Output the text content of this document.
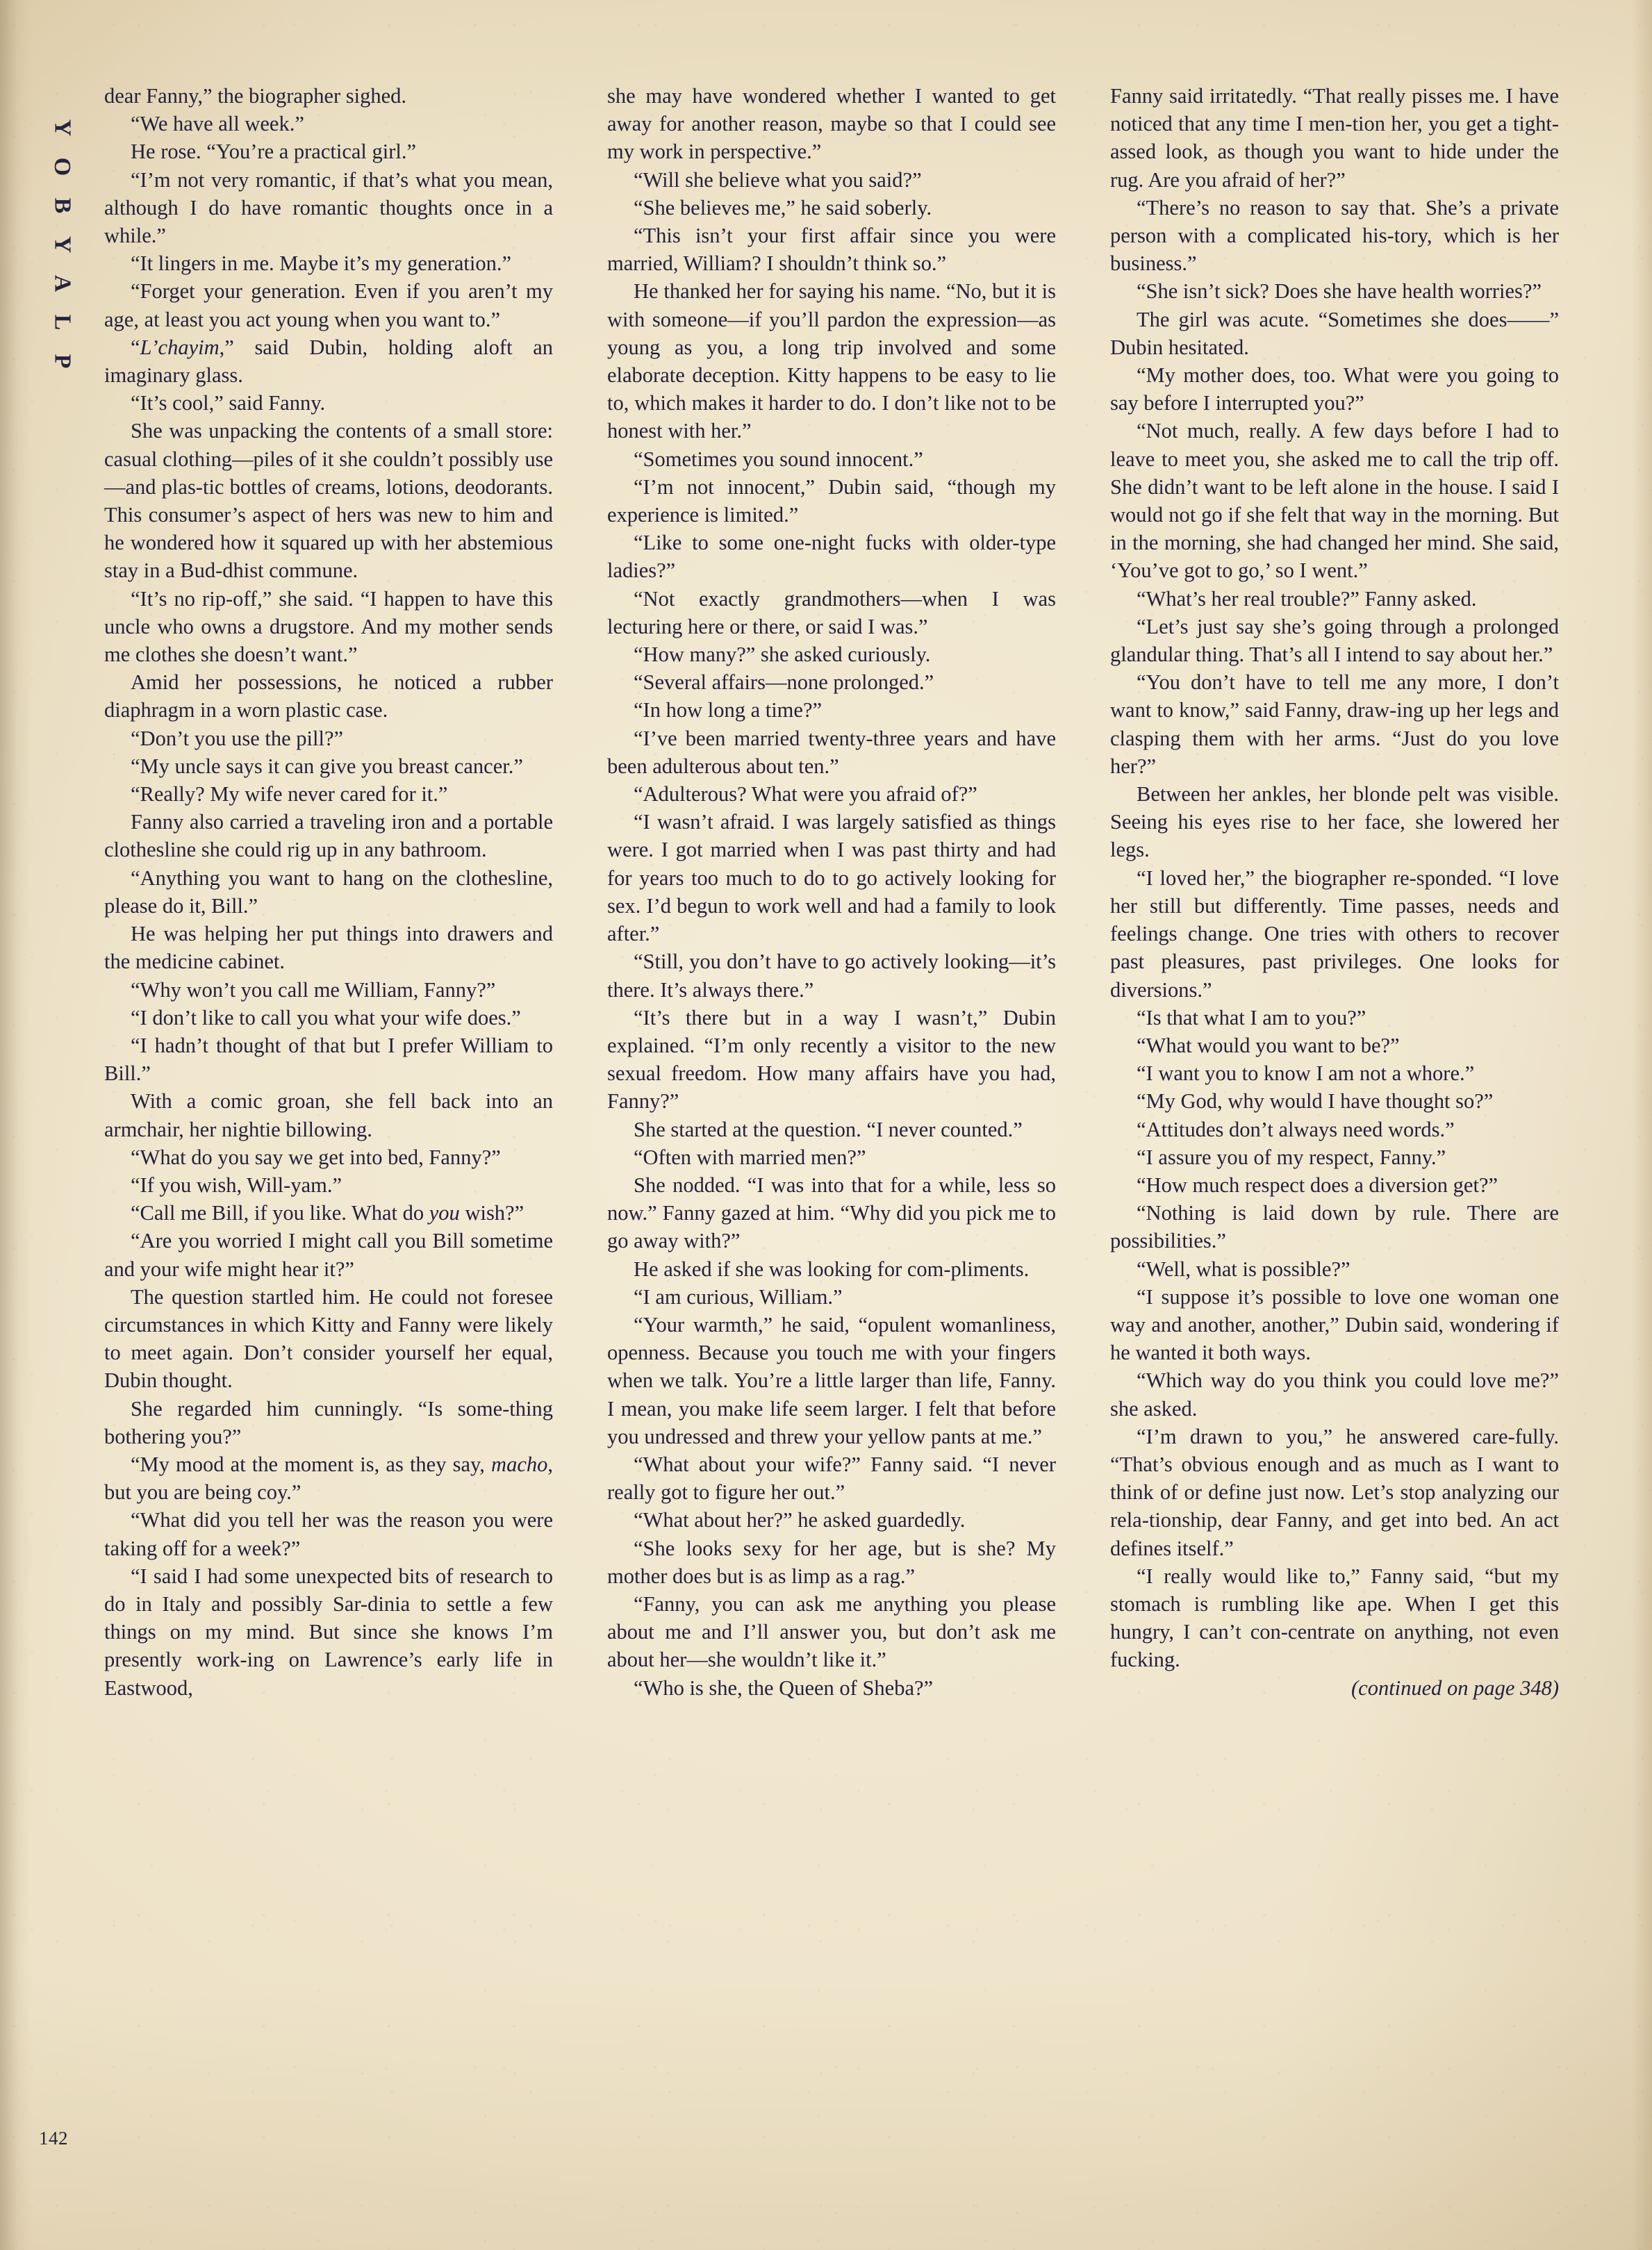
P
L
A
Y
B
O
Y

dear Fanny,” the biographer sighed.

“We have all week.”

He rose. “You’re a practical girl.”

“I’m not very romantic, if that’s what you mean, although I do have romantic thoughts once in a while.”

“It lingers in me. Maybe it’s my generation.”

“Forget your generation. Even if you aren’t my age, at least you act young when you want to.”

“L’chayim,” said Dubin, holding aloft an imaginary glass.

“It’s cool,” said Fanny.

She was unpacking the contents of a small store: casual clothing—piles of it she couldn’t possibly use—and plas-tic bottles of creams, lotions, deodorants. This consumer’s aspect of hers was new to him and he wondered how it squared up with her abstemious stay in a Bud-dhist commune.

“It’s no rip-off,” she said. “I happen to have this uncle who owns a drugstore. And my mother sends me clothes she doesn’t want.”

Amid her possessions, he noticed a rubber diaphragm in a worn plastic case.

“Don’t you use the pill?”

“My uncle says it can give you breast cancer.”

“Really? My wife never cared for it.”

Fanny also carried a traveling iron and a portable clothesline she could rig up in any bathroom.

“Anything you want to hang on the clothesline, please do it, Bill.”

He was helping her put things into drawers and the medicine cabinet.

“Why won’t you call me William, Fanny?”

“I don’t like to call you what your wife does.”

“I hadn’t thought of that but I prefer William to Bill.”

With a comic groan, she fell back into an armchair, her nightie billowing.

“What do you say we get into bed, Fanny?”

“If you wish, Will-yam.”

“Call me Bill, if you like. What do you wish?”

“Are you worried I might call you Bill sometime and your wife might hear it?”

The question startled him. He could not foresee circumstances in which Kitty and Fanny were likely to meet again. Don’t consider yourself her equal, Dubin thought.

She regarded him cunningly. “Is some-thing bothering you?”

“My mood at the moment is, as they say, macho, but you are being coy.”

“What did you tell her was the reason you were taking off for a week?”

“I said I had some unexpected bits of research to do in Italy and possibly Sar-dinia to settle a few things on my mind. But since she knows I’m presently work-ing on Lawrence’s early life in Eastwood,

she may have wondered whether I wanted to get away for another reason, maybe so that I could see my work in perspective.”

“Will she believe what you said?”

“She believes me,” he said soberly.

“This isn’t your first affair since you were married, William? I shouldn’t think so.”

He thanked her for saying his name. “No, but it is with someone—if you’ll pardon the expression—as young as you, a long trip involved and some elaborate deception. Kitty happens to be easy to lie to, which makes it harder to do. I don’t like not to be honest with her.”

“Sometimes you sound innocent.”

“I’m not innocent,” Dubin said, “though my experience is limited.”

“Like to some one-night fucks with older-type ladies?”

“Not exactly grandmothers—when I was lecturing here or there, or said I was.”

“How many?” she asked curiously.

“Several affairs—none prolonged.”

“In how long a time?”

“I’ve been married twenty-three years and have been adulterous about ten.”

“Adulterous? What were you afraid of?”

“I wasn’t afraid. I was largely satisfied as things were. I got married when I was past thirty and had for years too much to do to go actively looking for sex. I’d begun to work well and had a family to look after.”

“Still, you don’t have to go actively looking—it’s there. It’s always there.”

“It’s there but in a way I wasn’t,” Dubin explained. “I’m only recently a visitor to the new sexual freedom. How many affairs have you had, Fanny?”

She started at the question. “I never counted.”

“Often with married men?”

She nodded. “I was into that for a while, less so now.” Fanny gazed at him. “Why did you pick me to go away with?”

He asked if she was looking for com-pliments.

“I am curious, William.”

“Your warmth,” he said, “opulent womanliness, openness. Because you touch me with your fingers when we talk. You’re a little larger than life, Fanny. I mean, you make life seem larger. I felt that before you undressed and threw your yellow pants at me.”

“What about your wife?” Fanny said. “I never really got to figure her out.”

“What about her?” he asked guardedly.

“She looks sexy for her age, but is she? My mother does but is as limp as a rag.”

“Fanny, you can ask me anything you please about me and I’ll answer you, but don’t ask me about her—she wouldn’t like it.”

“Who is she, the Queen of Sheba?”

Fanny said irritatedly. “That really pisses me. I have noticed that any time I men-tion her, you get a tight-assed look, as though you want to hide under the rug. Are you afraid of her?”

“There’s no reason to say that. She’s a private person with a complicated his-tory, which is her business.”

“She isn’t sick? Does she have health worries?”

The girl was acute. “Sometimes she does——” Dubin hesitated.

“My mother does, too. What were you going to say before I interrupted you?”

“Not much, really. A few days before I had to leave to meet you, she asked me to call the trip off. She didn’t want to be left alone in the house. I said I would not go if she felt that way in the morning. But in the morning, she had changed her mind. She said, ‘You’ve got to go,’ so I went.”

“What’s her real trouble?” Fanny asked.

“Let’s just say she’s going through a prolonged glandular thing. That’s all I intend to say about her.”

“You don’t have to tell me any more, I don’t want to know,” said Fanny, draw-ing up her legs and clasping them with her arms. “Just do you love her?”

Between her ankles, her blonde pelt was visible. Seeing his eyes rise to her face, she lowered her legs.

“I loved her,” the biographer re-sponded. “I love her still but differently. Time passes, needs and feelings change. One tries with others to recover past pleasures, past privileges. One looks for diversions.”

“Is that what I am to you?”

“What would you want to be?”

“I want you to know I am not a whore.”

“My God, why would I have thought so?”

“Attitudes don’t always need words.”

“I assure you of my respect, Fanny.”

“How much respect does a diversion get?”

“Nothing is laid down by rule. There are possibilities.”

“Well, what is possible?”

“I suppose it’s possible to love one woman one way and another, another,” Dubin said, wondering if he wanted it both ways.

“Which way do you think you could love me?” she asked.

“I’m drawn to you,” he answered care-fully. “That’s obvious enough and as much as I want to think of or define just now. Let’s stop analyzing our rela-tionship, dear Fanny, and get into bed. An act defines itself.”

“I really would like to,” Fanny said, “but my stomach is rumbling like ape. When I get this hungry, I can’t con-centrate on anything, not even fucking.

(continued on page 348)

142
